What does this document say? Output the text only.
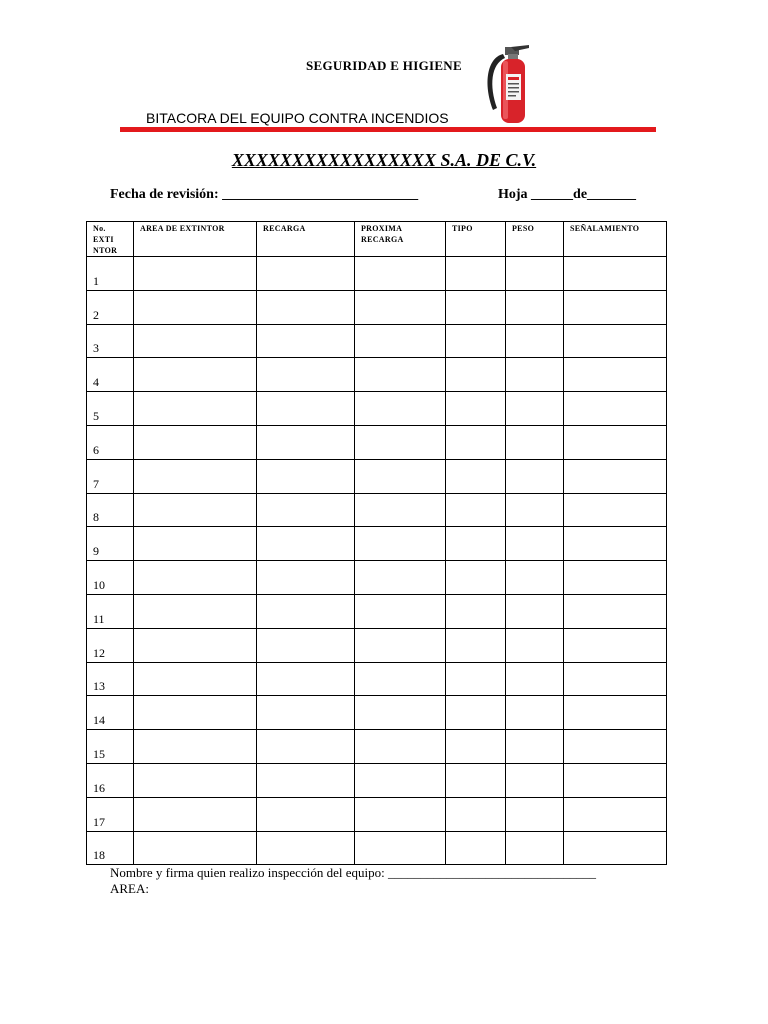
SEGURIDAD E HIGIENE
BITACORA DEL EQUIPO CONTRA INCENDIOS
XXXXXXXXXXXXXXXXX S.A. DE C.V.
Fecha de revisión: ____________________________	Hoja ______de_______
No. EXTI NTOR	AREA DE EXTINTOR	RECARGA	PROXIMA RECARGA	TIPO	PESO	SEÑALAMIENTO
1						
2						
3						
4						
5						
6						
7						
8						
9						
10						
11						
12						
13						
14						
15						
16						
17						
18						
Nombre y firma quien realizo inspección del equipo: ________________________________
AREA:
